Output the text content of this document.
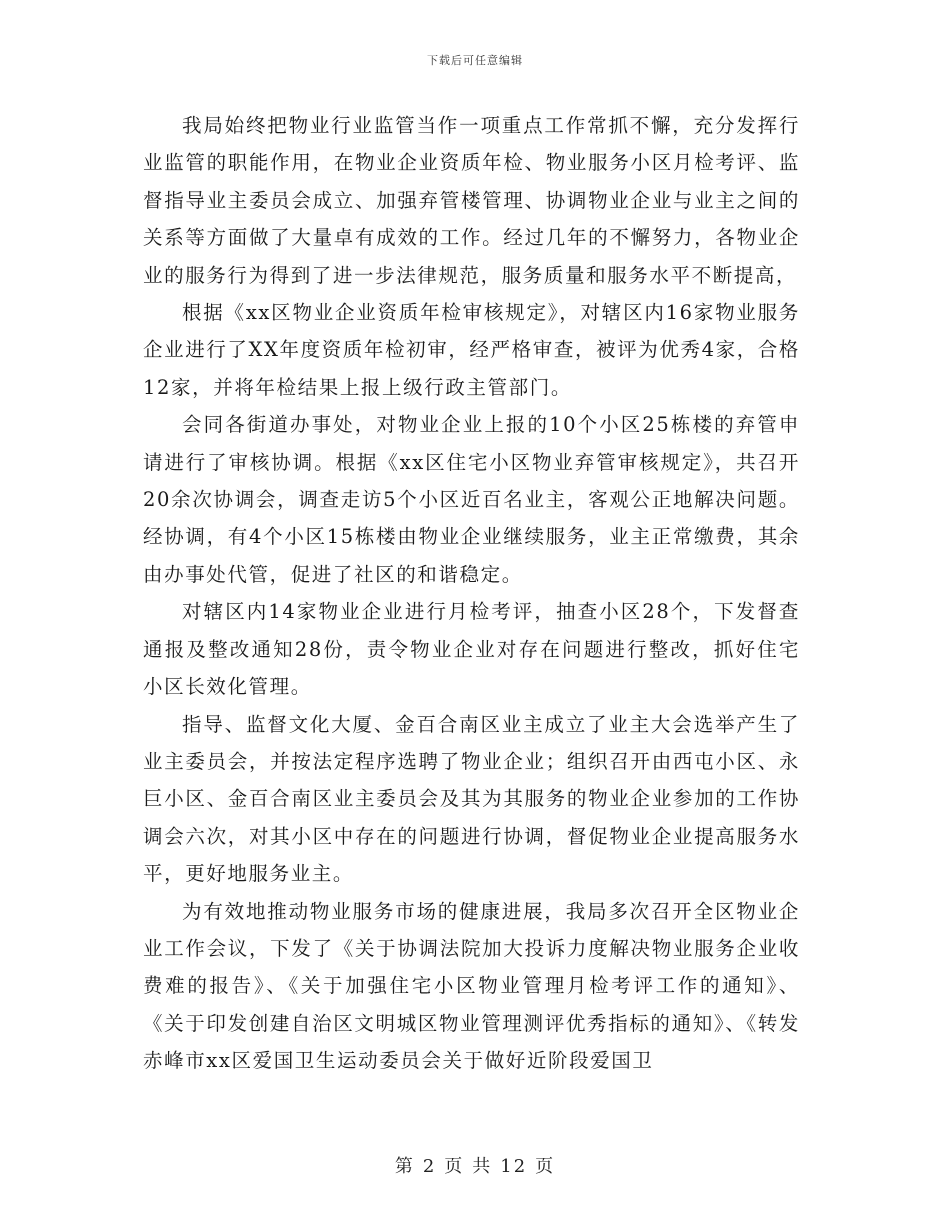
下载后可任意编辑

我局始终把物业行业监管当作一项重点工作常抓不懈，充分发挥行业监管的职能作用，在物业企业资质年检、物业服务小区月检考评、监督指导业主委员会成立、加强弃管楼管理、协调物业企业与业主之间的关系等方面做了大量卓有成效的工作。经过几年的不懈努力，各物业企业的服务行为得到了进一步法律规范，服务质量和服务水平不断提高，

根据《xx区物业企业资质年检审核规定》，对辖区内16家物业服务企业进行了XX年度资质年检初审，经严格审查，被评为优秀4家，合格12家，并将年检结果上报上级行政主管部门。

会同各街道办事处，对物业企业上报的10个小区25栋楼的弃管申请进行了审核协调。根据《xx区住宅小区物业弃管审核规定》，共召开20余次协调会，调查走访5个小区近百名业主，客观公正地解决问题。经协调，有4个小区15栋楼由物业企业继续服务，业主正常缴费，其余由办事处代管，促进了社区的和谐稳定。

对辖区内14家物业企业进行月检考评，抽查小区28个，下发督查通报及整改通知28份，责令物业企业对存在问题进行整改，抓好住宅小区长效化管理。

指导、监督文化大厦、金百合南区业主成立了业主大会选举产生了业主委员会，并按法定程序选聘了物业企业；组织召开由西屯小区、永巨小区、金百合南区业主委员会及其为其服务的物业企业参加的工作协调会六次，对其小区中存在的问题进行协调，督促物业企业提高服务水平，更好地服务业主。

为有效地推动物业服务市场的健康进展，我局多次召开全区物业企业工作会议，下发了《关于协调法院加大投诉力度解决物业服务企业收费难的报告》、《关于加强住宅小区物业管理月检考评工作的通知》、《关于印发创建自治区文明城区物业管理测评优秀指标的通知》、《转发赤峰市xx区爱国卫生运动委员会关于做好近阶段爱国卫

第 2 页 共 12 页
